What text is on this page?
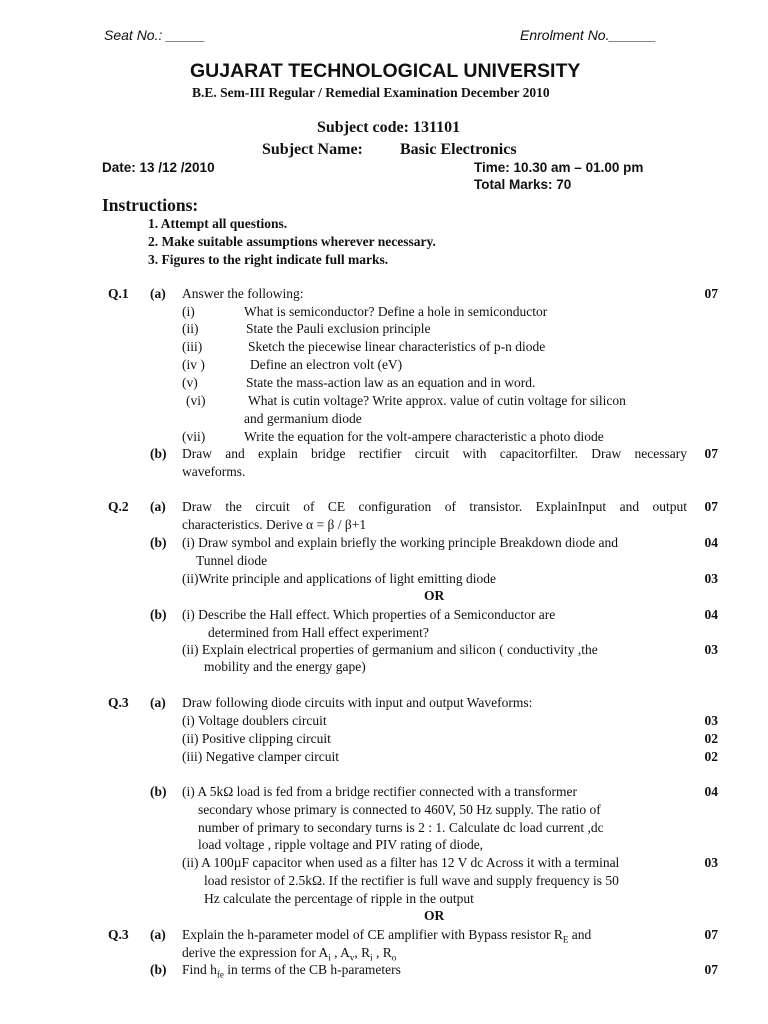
Seat No.: _____	Enrolment No.______
GUJARAT TECHNOLOGICAL UNIVERSITY
B.E. Sem-III Regular / Remedial Examination December 2010
Subject code: 131101
Subject Name: Basic Electronics
Date: 13 /12 /2010	Time: 10.30 am – 01.00 pm
Total Marks: 70
Instructions:
1. Attempt all questions.
2. Make suitable assumptions wherever necessary.
3. Figures to the right indicate full marks.
Q.1 (a) Answer the following:	07
(i)	What is semiconductor? Define a hole in semiconductor
(ii)	State the Pauli exclusion principle
(iii)	Sketch the piecewise linear characteristics of p-n diode
(iv )	Define an electron volt (eV)
(v)	State the mass-action law as an equation and in word.
(vi)	What is cutin voltage? Write approx. value of cutin voltage for silicon
and germanium diode
(vii)	Write the equation for the volt-ampere characteristic a photo diode
(b) Draw and explain bridge rectifier circuit with capacitorfilter. Draw necessary
waveforms.
07
Q.2 (a) Draw the circuit of CE configuration of transistor. ExplainInput and output
characteristics. Derive α = β / β+1
07
(b) (i) Draw symbol and explain briefly the working principle Breakdown diode and
Tunnel diode
04
(ii)Write principle and applications of light emitting diode	03
OR
(b) (i) Describe the Hall effect. Which properties of a Semiconductor are
determined from Hall effect experiment?
04
(ii) Explain electrical properties of germanium and silicon ( conductivity ,the
mobility and the energy gape)
03
Q.3 (a) Draw following diode circuits with input and output Waveforms:
(i) Voltage doublers circuit	03
(ii) Positive clipping circuit	02
(iii) Negative clamper circuit	02
(b) (i) A 5kΩ load is fed from a bridge rectifier connected with a transformer
secondary whose primary is connected to 460V, 50 Hz supply. The ratio of
number of primary to secondary turns is 2 : 1. Calculate dc load current ,dc
load voltage , ripple voltage and PIV rating of diode,
04
(ii) A 100µF capacitor when used as a filter has 12 V dc Across it with a terminal
load resistor of 2.5kΩ. If the rectifier is full wave and supply frequency is 50
Hz calculate the percentage of ripple in the output
03
OR
Q.3 (a) Explain the h-parameter model of CE amplifier with Bypass resistor $R_E$ and
derive the expression for $A_i$ , $A_v$, $R_i$ , $R_o$
07
(b) Find $h_{fe}$ in terms of the CB h-parameters	07
